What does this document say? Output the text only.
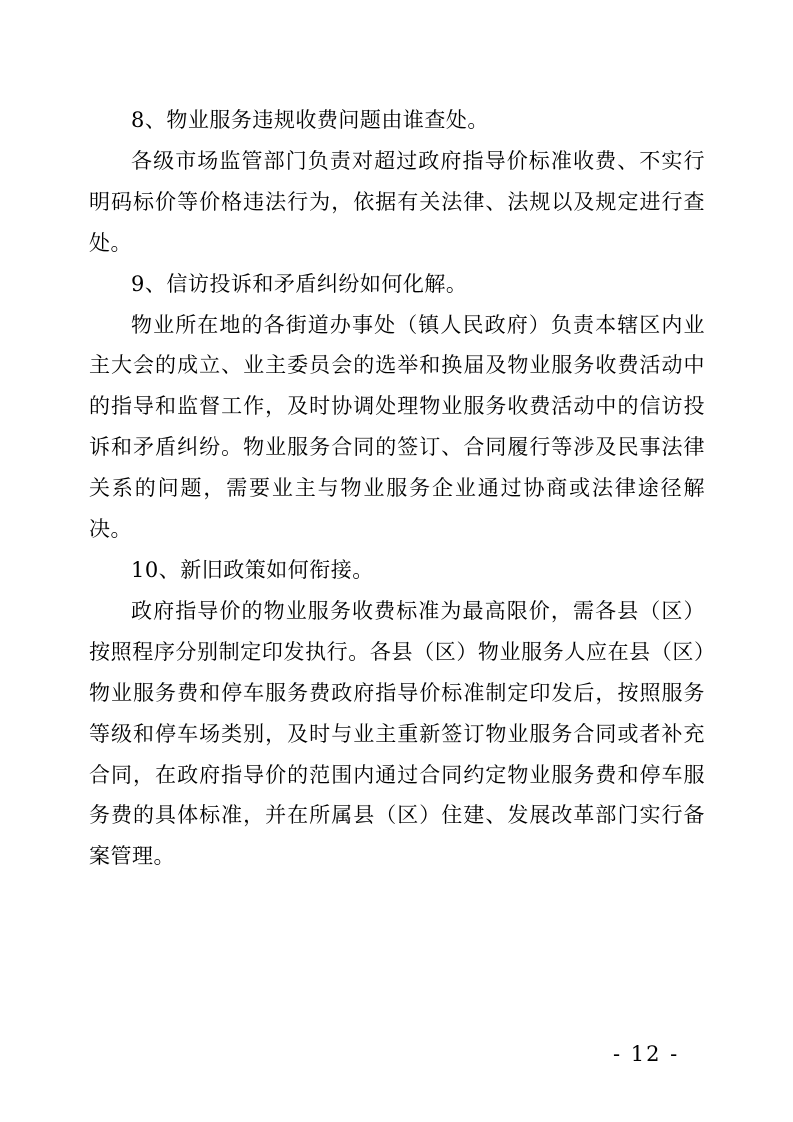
8、物业服务违规收费问题由谁查处。

各级市场监管部门负责对超过政府指导价标准收费、不实行明码标价等价格违法行为，依据有关法律、法规以及规定进行查处。

9、信访投诉和矛盾纠纷如何化解。

物业所在地的各街道办事处（镇人民政府）负责本辖区内业主大会的成立、业主委员会的选举和换届及物业服务收费活动中的指导和监督工作，及时协调处理物业服务收费活动中的信访投诉和矛盾纠纷。物业服务合同的签订、合同履行等涉及民事法律关系的问题，需要业主与物业服务企业通过协商或法律途径解决。

10、新旧政策如何衔接。

政府指导价的物业服务收费标准为最高限价，需各县（区）按照程序分别制定印发执行。各县（区）物业服务人应在县（区）物业服务费和停车服务费政府指导价标准制定印发后，按照服务等级和停车场类别，及时与业主重新签订物业服务合同或者补充合同，在政府指导价的范围内通过合同约定物业服务费和停车服务费的具体标准，并在所属县（区）住建、发展改革部门实行备案管理。

- 12 -
